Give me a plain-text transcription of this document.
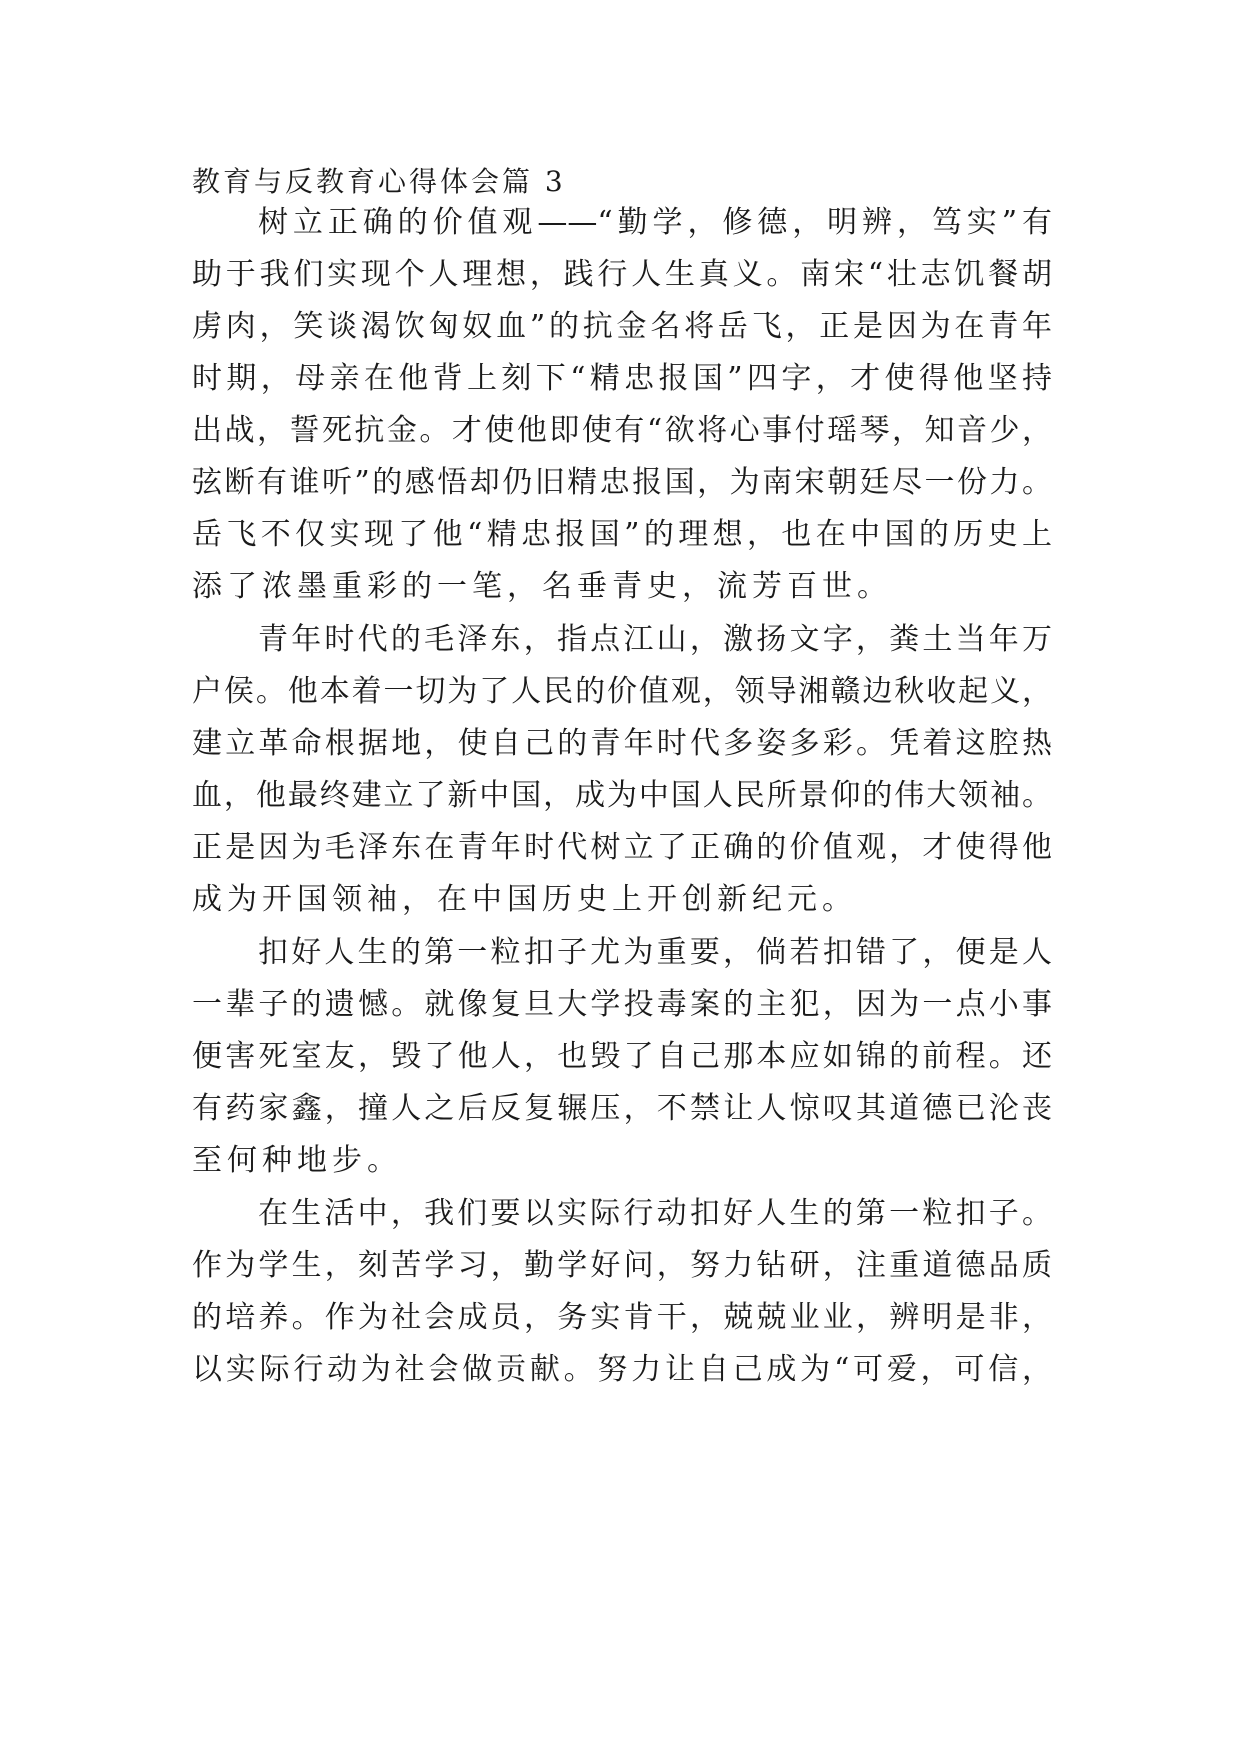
教育与反教育心得体会篇 3

树立正确的价值观——“勤学，修德，明辨，笃实”有

助于我们实现个人理想，践行人生真义。南宋“壮志饥餐胡

虏肉，笑谈渴饮匈奴血”的抗金名将岳飞，正是因为在青年

时期，母亲在他背上刻下“精忠报国”四字，才使得他坚持

出战，誓死抗金。才使他即使有“欲将心事付瑶琴，知音少，

弦断有谁听”的感悟却仍旧精忠报国，为南宋朝廷尽一份力。

岳飞不仅实现了他“精忠报国”的理想，也在中国的历史上

添了浓墨重彩的一笔，名垂青史，流芳百世。

青年时代的毛泽东，指点江山，激扬文字，粪土当年万

户侯。他本着一切为了人民的价值观，领导湘赣边秋收起义，

建立革命根据地，使自己的青年时代多姿多彩。凭着这腔热

血，他最终建立了新中国，成为中国人民所景仰的伟大领袖。

正是因为毛泽东在青年时代树立了正确的价值观，才使得他

成为开国领袖，在中国历史上开创新纪元。

扣好人生的第一粒扣子尤为重要，倘若扣错了，便是人

一辈子的遗憾。就像复旦大学投毒案的主犯，因为一点小事

便害死室友，毁了他人，也毁了自己那本应如锦的前程。还

有药家鑫，撞人之后反复辗压，不禁让人惊叹其道德已沦丧

至何种地步。

在生活中，我们要以实际行动扣好人生的第一粒扣子。

作为学生，刻苦学习，勤学好问，努力钻研，注重道德品质

的培养。作为社会成员，务实肯干，兢兢业业，辨明是非，

以实际行动为社会做贡献。努力让自己成为“可爱，可信，
